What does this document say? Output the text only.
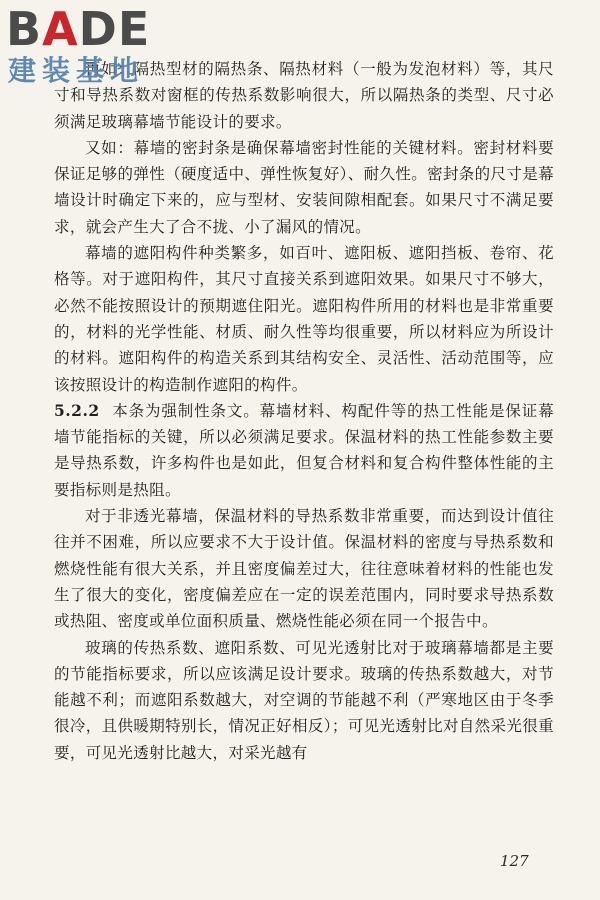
BADE
建装基地

再如：隔热型材的隔热条、隔热材料（一般为发泡材料）等，其尺寸和导热系数对窗框的传热系数影响很大，所以隔热条的类型、尺寸必须满足玻璃幕墙节能设计的要求。

又如：幕墙的密封条是确保幕墙密封性能的关键材料。密封材料要保证足够的弹性（硬度适中、弹性恢复好）、耐久性。密封条的尺寸是幕墙设计时确定下来的，应与型材、安装间隙相配套。如果尺寸不满足要求，就会产生大了合不拢、小了漏风的情况。

幕墙的遮阳构件种类繁多，如百叶、遮阳板、遮阳挡板、卷帘、花格等。对于遮阳构件，其尺寸直接关系到遮阳效果。如果尺寸不够大，必然不能按照设计的预期遮住阳光。遮阳构件所用的材料也是非常重要的，材料的光学性能、材质、耐久性等均很重要，所以材料应为所设计的材料。遮阳构件的构造关系到其结构安全、灵活性、活动范围等，应该按照设计的构造制作遮阳的构件。

5.2.2 本条为强制性条文。幕墙材料、构配件等的热工性能是保证幕墙节能指标的关键，所以必须满足要求。保温材料的热工性能参数主要是导热系数，许多构件也是如此，但复合材料和复合构件整体性能的主要指标则是热阻。

对于非透光幕墙，保温材料的导热系数非常重要，而达到设计值往往并不困难，所以应要求不大于设计值。保温材料的密度与导热系数和燃烧性能有很大关系，并且密度偏差过大，往往意味着材料的性能也发生了很大的变化，密度偏差应在一定的误差范围内，同时要求导热系数或热阻、密度或单位面积质量、燃烧性能必须在同一个报告中。

玻璃的传热系数、遮阳系数、可见光透射比对于玻璃幕墙都是主要的节能指标要求，所以应该满足设计要求。玻璃的传热系数越大，对节能越不利；而遮阳系数越大，对空调的节能越不利（严寒地区由于冬季很冷，且供暖期特别长，情况正好相反）；可见光透射比对自然采光很重要，可见光透射比越大，对采光越有

127
